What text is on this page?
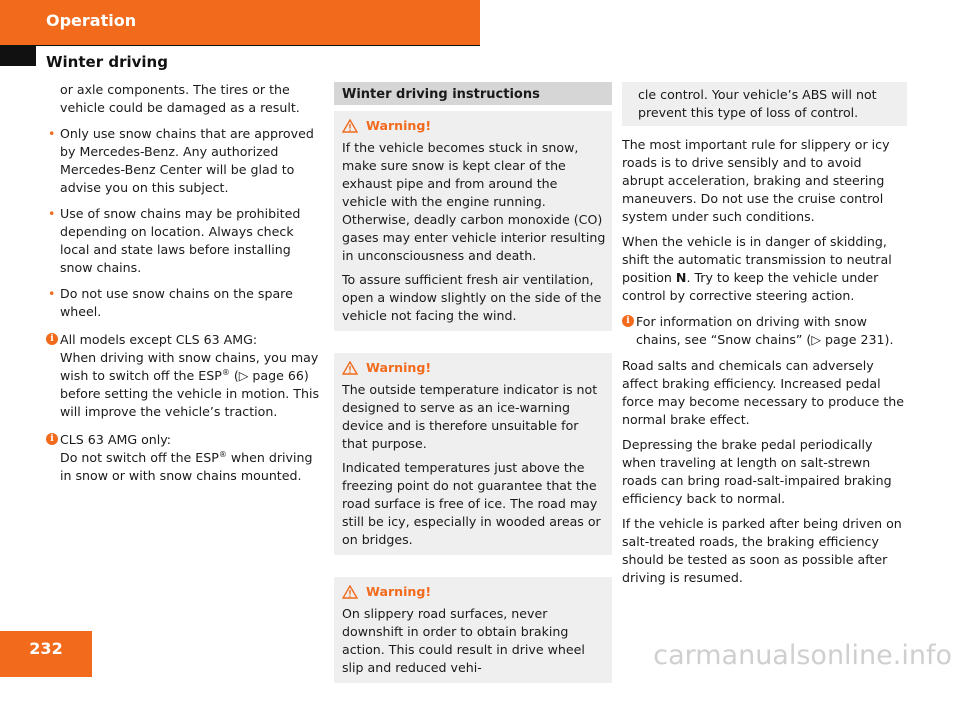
Operation
Winter driving

or axle components. The tires or the vehicle could be damaged as a result.

• Only use snow chains that are approved by Mercedes-Benz. Any authorized Mercedes-Benz Center will be glad to advise you on this subject.

• Use of snow chains may be prohibited depending on location. Always check local and state laws before installing snow chains.

• Do not use snow chains on the spare wheel.

i All models except CLS 63 AMG:
When driving with snow chains, you may wish to switch off the ESP® (▷ page 66) before setting the vehicle in motion. This will improve the vehicle’s traction.
i CLS 63 AMG only:
Do not switch off the ESP® when driving in snow or with snow chains mounted.
Winter driving instructions

Warning!

If the vehicle becomes stuck in snow, make sure snow is kept clear of the exhaust pipe and from around the vehicle with the engine running. Otherwise, deadly carbon monoxide (CO) gases may enter vehicle interior resulting in unconsciousness and death.

To assure sufficient fresh air ventilation, open a window slightly on the side of the vehicle not facing the wind.

Warning!

The outside temperature indicator is not designed to serve as an ice-warning device and is therefore unsuitable for that purpose.

Indicated temperatures just above the freezing point do not guarantee that the road surface is free of ice. The road may still be icy, especially in wooded areas or on bridges.

Warning!

On slippery road surfaces, never downshift in order to obtain braking action. This could result in drive wheel slip and reduced vehi-

cle control. Your vehicle’s ABS will not prevent this type of loss of control.

The most important rule for slippery or icy roads is to drive sensibly and to avoid abrupt acceleration, braking and steering maneuvers. Do not use the cruise control system under such conditions.

When the vehicle is in danger of skidding, shift the automatic transmission to neutral position N. Try to keep the vehicle under control by corrective steering action.

i For information on driving with snow chains, see “Snow chains” (▷ page 231).

Road salts and chemicals can adversely affect braking efficiency. Increased pedal force may become necessary to produce the normal brake effect.

Depressing the brake pedal periodically when traveling at length on salt-strewn roads can bring road-salt-impaired braking efficiency back to normal.

If the vehicle is parked after being driven on salt-treated roads, the braking efficiency should be tested as soon as possible after driving is resumed.

232	carmanualsonline.info
